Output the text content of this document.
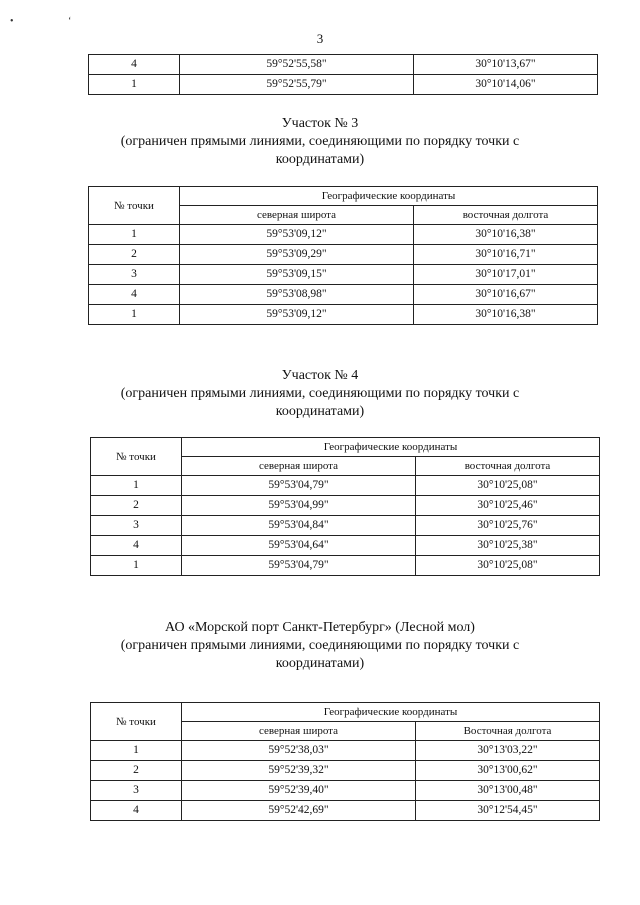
• ‘
3
4	59°52'55,58"	30°10'13,67"
1	59°52'55,79"	30°10'14,06"
Участок № 3
(ограничен прямыми линиями, соединяющими по порядку точки с
координатами)
№ точки	Географические координаты	
	северная широта	восточная долгота
1	59°53'09,12"	30°10'16,38"
2	59°53'09,29"	30°10'16,71"
3	59°53'09,15"	30°10'17,01"
4	59°53'08,98"	30°10'16,67"
1	59°53'09,12"	30°10'16,38"
Участок № 4
(ограничен прямыми линиями, соединяющими по порядку точки с
координатами)
№ точки	Географические координаты	
	северная широта	восточная долгота
1	59°53'04,79"	30°10'25,08"
2	59°53'04,99"	30°10'25,46"
3	59°53'04,84"	30°10'25,76"
4	59°53'04,64"	30°10'25,38"
1	59°53'04,79"	30°10'25,08"
АО «Морской порт Санкт-Петербург» (Лесной мол)
(ограничен прямыми линиями, соединяющими по порядку точки с
координатами)
№ точки	Географические координаты	
	северная широта	Восточная долгота
1	59°52'38,03"	30°13'03,22"
2	59°52'39,32"	30°13'00,62"
3	59°52'39,40"	30°13'00,48"
4	59°52'42,69"	30°12'54,45"
